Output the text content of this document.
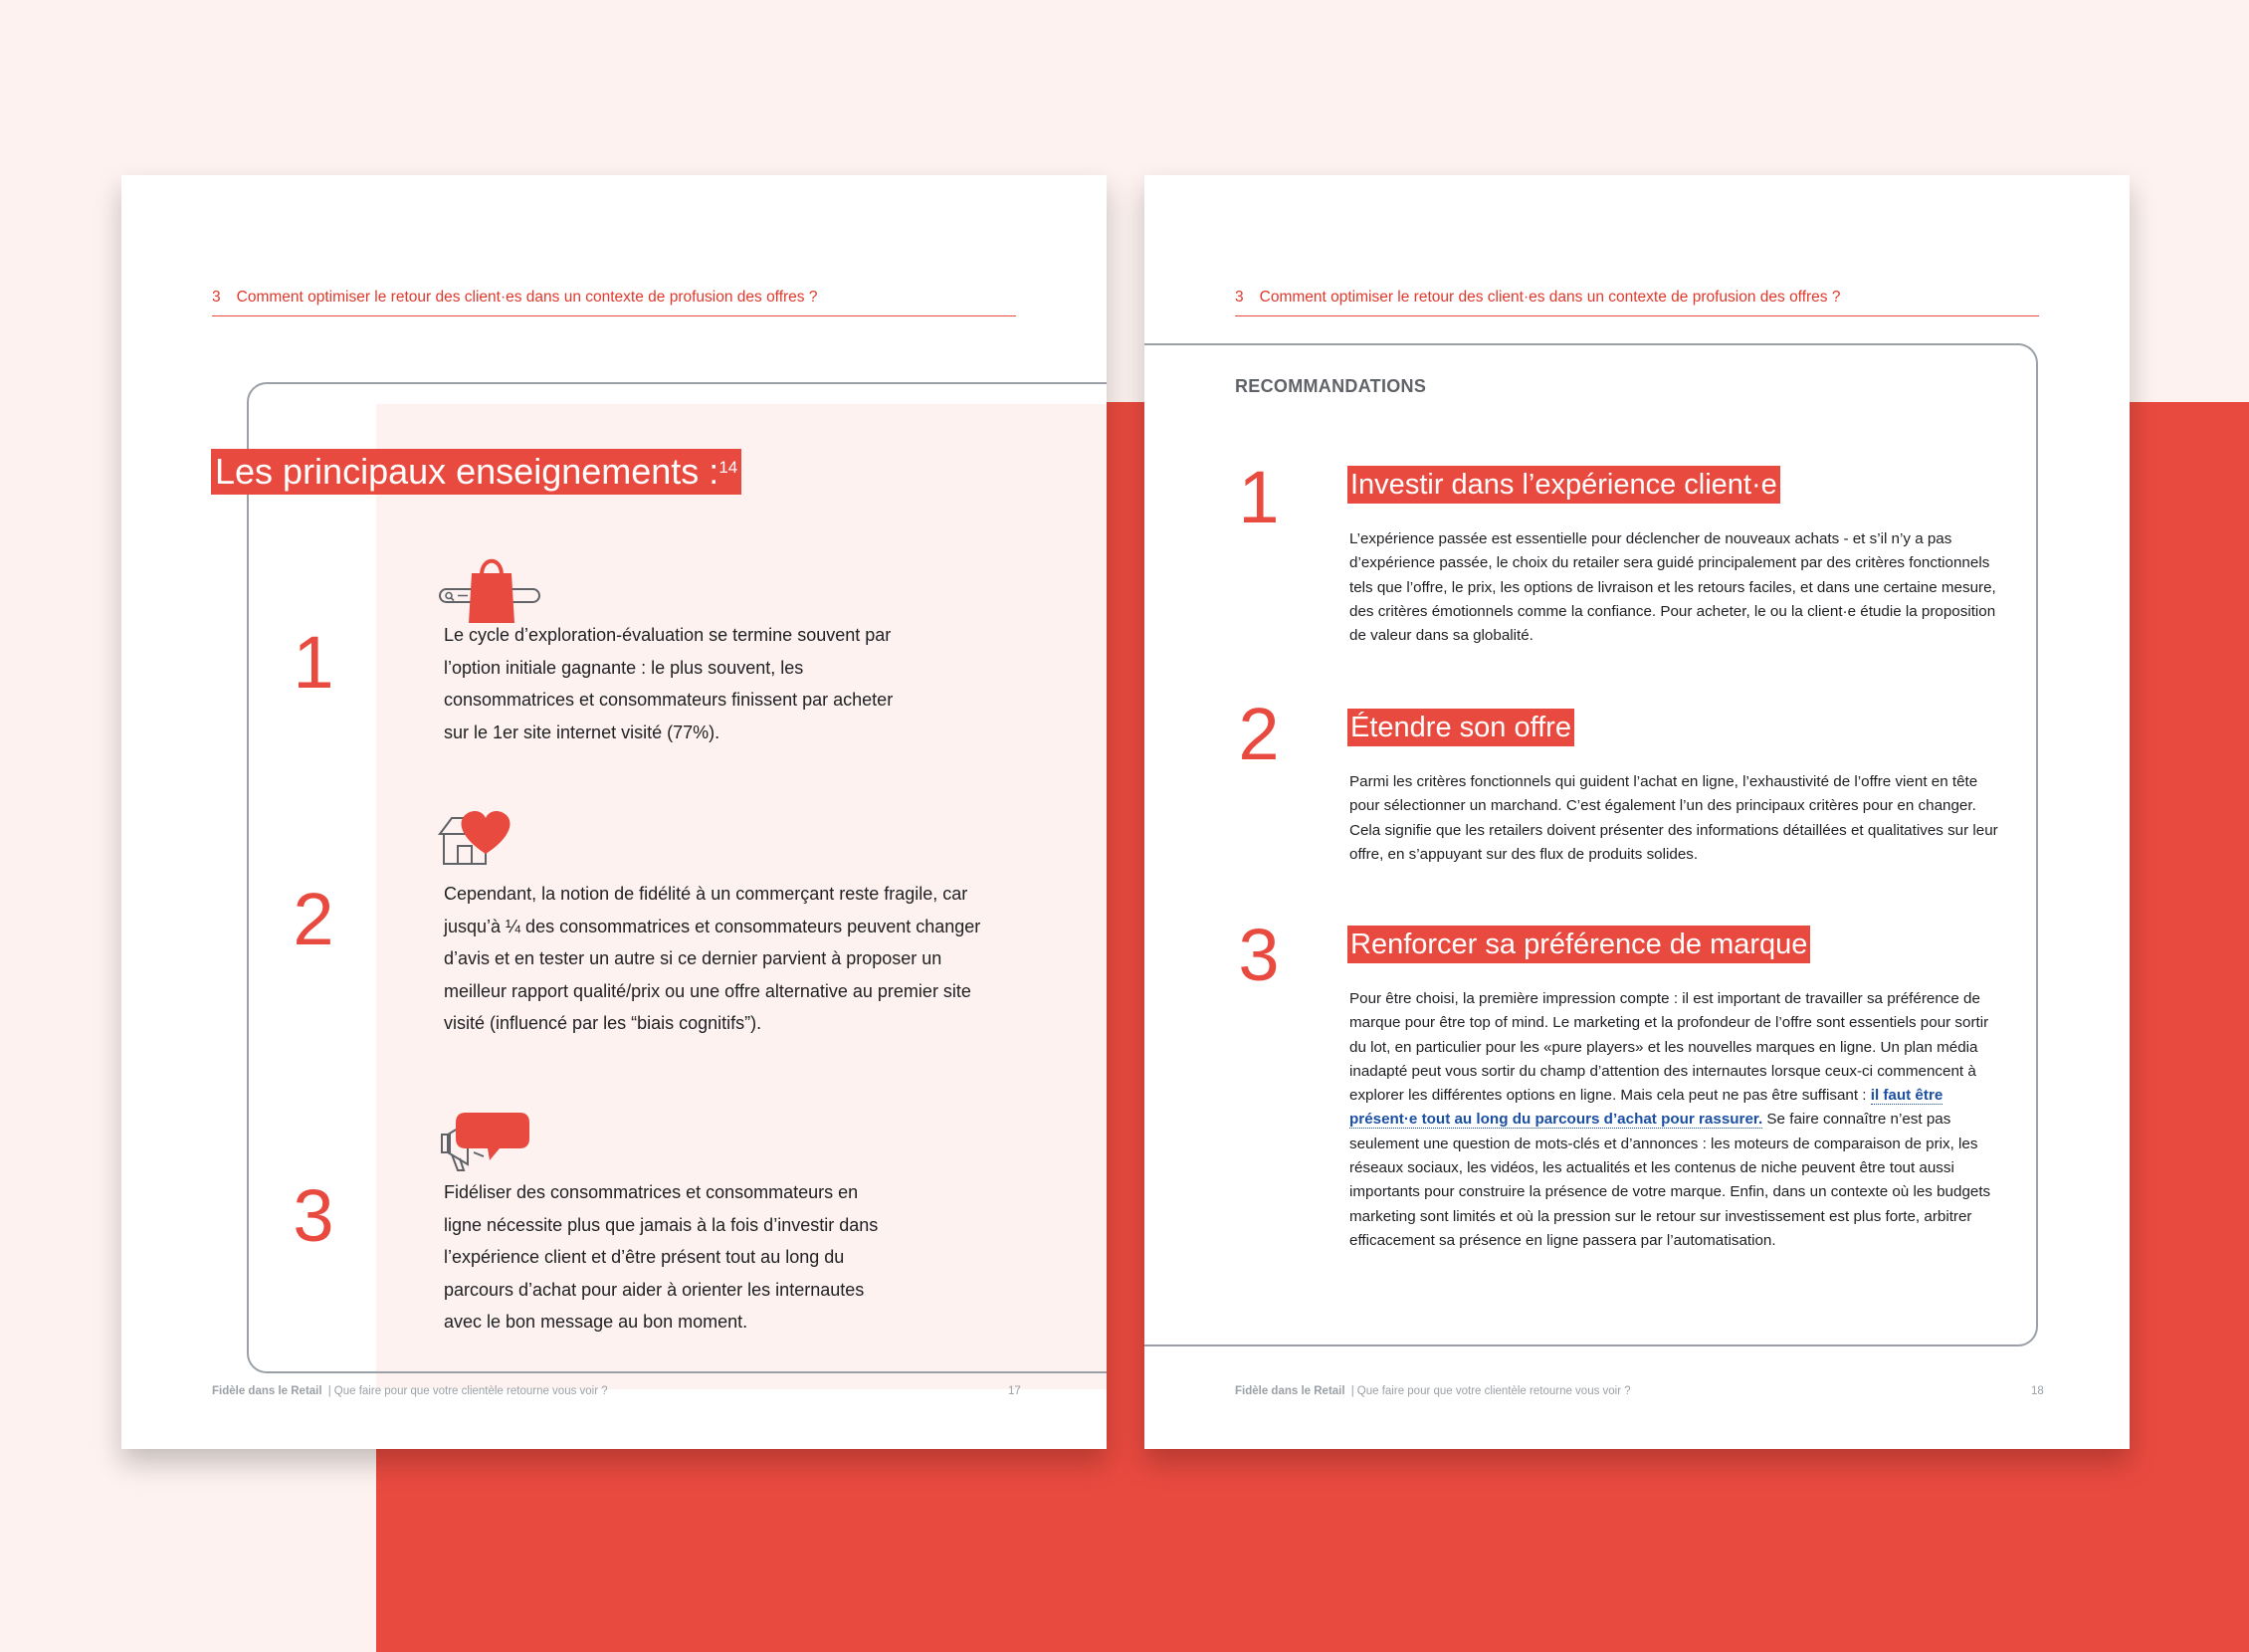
3 Comment optimiser le retour des client·es dans un contexte de profusion des offres ?
Les principaux enseignements :$^{14}$
1	Le cycle d’exploration-évaluation se termine souvent par l’option initiale gagnante : le plus souvent, les consommatrices et consommateurs finissent par acheter sur le 1er site internet visité (77%).
2	Cependant, la notion de fidélité à un commerçant reste fragile, car jusqu’à ¼ des consommatrices et consommateurs peuvent changer d’avis et en tester un autre si ce dernier parvient à proposer un meilleur rapport qualité/prix ou une offre alternative au premier site visité (influencé par les “biais cognitifs”).
3	Fidéliser des consommatrices et consommateurs en ligne nécessite plus que jamais à la fois d’investir dans l’expérience client et d’être présent tout au long du parcours d’achat pour aider à orienter les internautes avec le bon message au bon moment.
Fidèle dans le Retail | Que faire pour que votre clientèle retourne vous voir ?	17
3 Comment optimiser le retour des client·es dans un contexte de profusion des offres ?
RECOMMANDATIONS
1	Investir dans l’expérience client·e
L’expérience passée est essentielle pour déclencher de nouveaux achats - et s’il n’y a pas d’expérience passée, le choix du retailer sera guidé principalement par des critères fonctionnels tels que l’offre, le prix, les options de livraison et les retours faciles, et dans une certaine mesure, des critères émotionnels comme la confiance. Pour acheter, le ou la client·e étudie la proposition de valeur dans sa globalité.
2	Étendre son offre
Parmi les critères fonctionnels qui guident l’achat en ligne, l’exhaustivité de l’offre vient en tête pour sélectionner un marchand. C’est également l’un des principaux critères pour en changer. Cela signifie que les retailers doivent présenter des informations détaillées et qualitatives sur leur offre, en s’appuyant sur des flux de produits solides.
3	Renforcer sa préférence de marque
Pour être choisi, la première impression compte : il est important de travailler sa préférence de marque pour être top of mind. Le marketing et la profondeur de l’offre sont essentiels pour sortir du lot, en particulier pour les «pure players» et les nouvelles marques en ligne. Un plan média inadapté peut vous sortir du champ d’attention des internautes lorsque ceux-ci commencent à explorer les différentes options en ligne. Mais cela peut ne pas être suffisant : il faut être présent·e tout au long du parcours d’achat pour rassurer. Se faire connaître n’est pas seulement une question de mots-clés et d’annonces : les moteurs de comparaison de prix, les réseaux sociaux, les vidéos, les actualités et les contenus de niche peuvent être tout aussi importants pour construire la présence de votre marque. Enfin, dans un contexte où les budgets marketing sont limités et où la pression sur le retour sur investissement est plus forte, arbitrer efficacement sa présence en ligne passera par l’automatisation.
Fidèle dans le Retail | Que faire pour que votre clientèle retourne vous voir ?	18
